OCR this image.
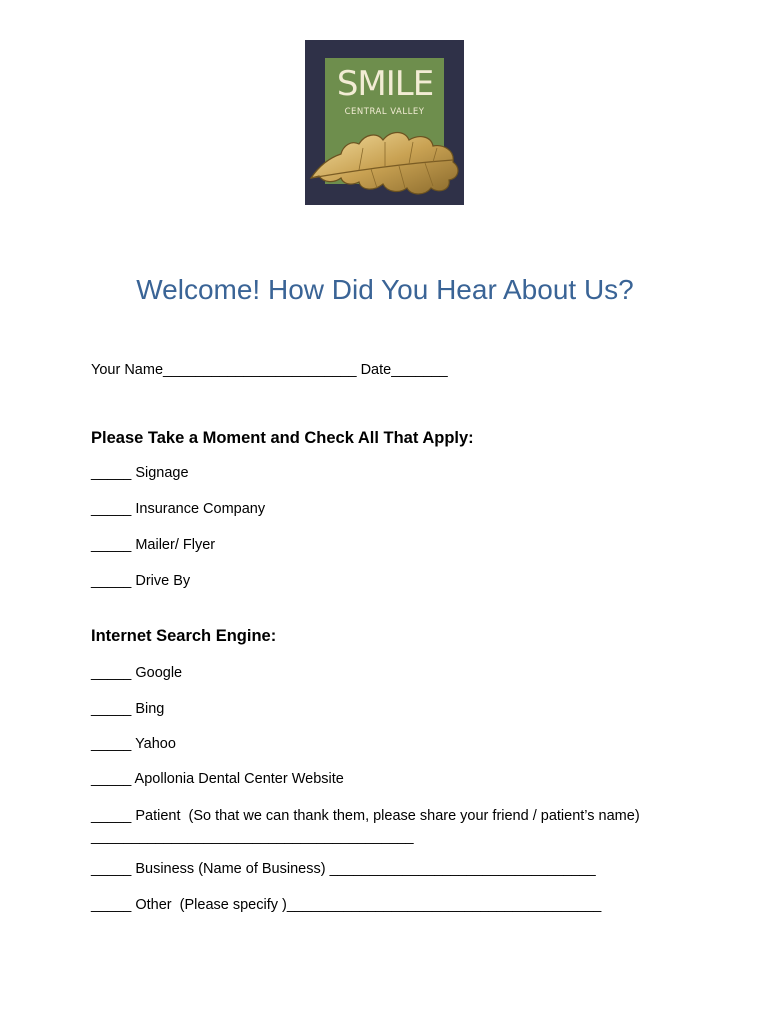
SMILE
CENTRAL VALLEY
Welcome! How Did You Hear About Us?
Your Name________________________ Date_______
Please Take a Moment and Check All That Apply:
_____ Signage
_____ Insurance Company
_____ Mailer/ Flyer
_____ Drive By
Internet Search Engine:
_____ Google
_____ Bing
_____ Yahoo
_____ Apollonia Dental Center Website
_____ Patient  (So that we can thank them, please share your friend / patient’s name)
________________________________________
_____ Business (Name of Business) _________________________________
_____ Other  (Please specify )_______________________________________
